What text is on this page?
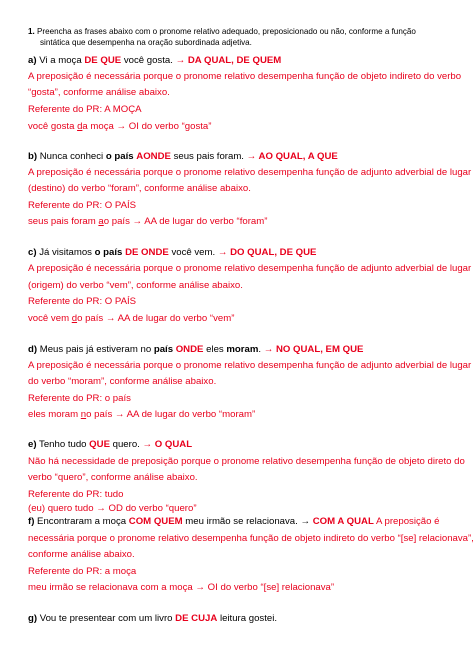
1. Preencha as frases abaixo com o pronome relativo adequado, preposicionado ou não, conforme a função
sintática que desempenha na oração subordinada adjetiva.
a) Vi a moça DE QUE você gosta. → DA QUAL, DE QUEM
A preposição é necessária porque o pronome relativo desempenha função de objeto indireto do verbo
“gosta”, conforme análise abaixo.
Referente do PR: A MOÇA
você gosta da moça → OI do verbo “gosta”
b) Nunca conheci o país AONDE seus pais foram. → AO QUAL, A QUE
A preposição é necessária porque o pronome relativo desempenha função de adjunto adverbial de lugar
(destino) do verbo “foram”, conforme análise abaixo.
Referente do PR: O PAÍS
seus pais foram ao país → AA de lugar do verbo “foram”
c) Já visitamos o país DE ONDE você vem. → DO QUAL, DE QUE
A preposição é necessária porque o pronome relativo desempenha função de adjunto adverbial de lugar
(origem) do verbo “vem”, conforme análise abaixo.
Referente do PR: O PAÍS
você vem do país → AA de lugar do verbo “vem”
d) Meus pais já estiveram no país ONDE eles moram. → NO QUAL, EM QUE
A preposição é necessária porque o pronome relativo desempenha função de adjunto adverbial de lugar
do verbo “moram”, conforme análise abaixo.
Referente do PR: o país
eles moram no país → AA de lugar do verbo “moram”
e) Tenho tudo QUE quero. → O QUAL
Não há necessidade de preposição porque o pronome relativo desempenha função de objeto direto do
verbo “quero”, conforme análise abaixo.
Referente do PR: tudo
(eu) quero tudo → OD do verbo “quero”
f) Encontraram a moça COM QUEM meu irmão se relacionava. → COM A QUAL A preposição é
necessária porque o pronome relativo desempenha função de objeto indireto do verbo “[se] relacionava”,
conforme análise abaixo.
Referente do PR: a moça
meu irmão se relacionava com a moça → OI do verbo “[se] relacionava”
g) Vou te presentear com um livro DE CUJA leitura gostei.
